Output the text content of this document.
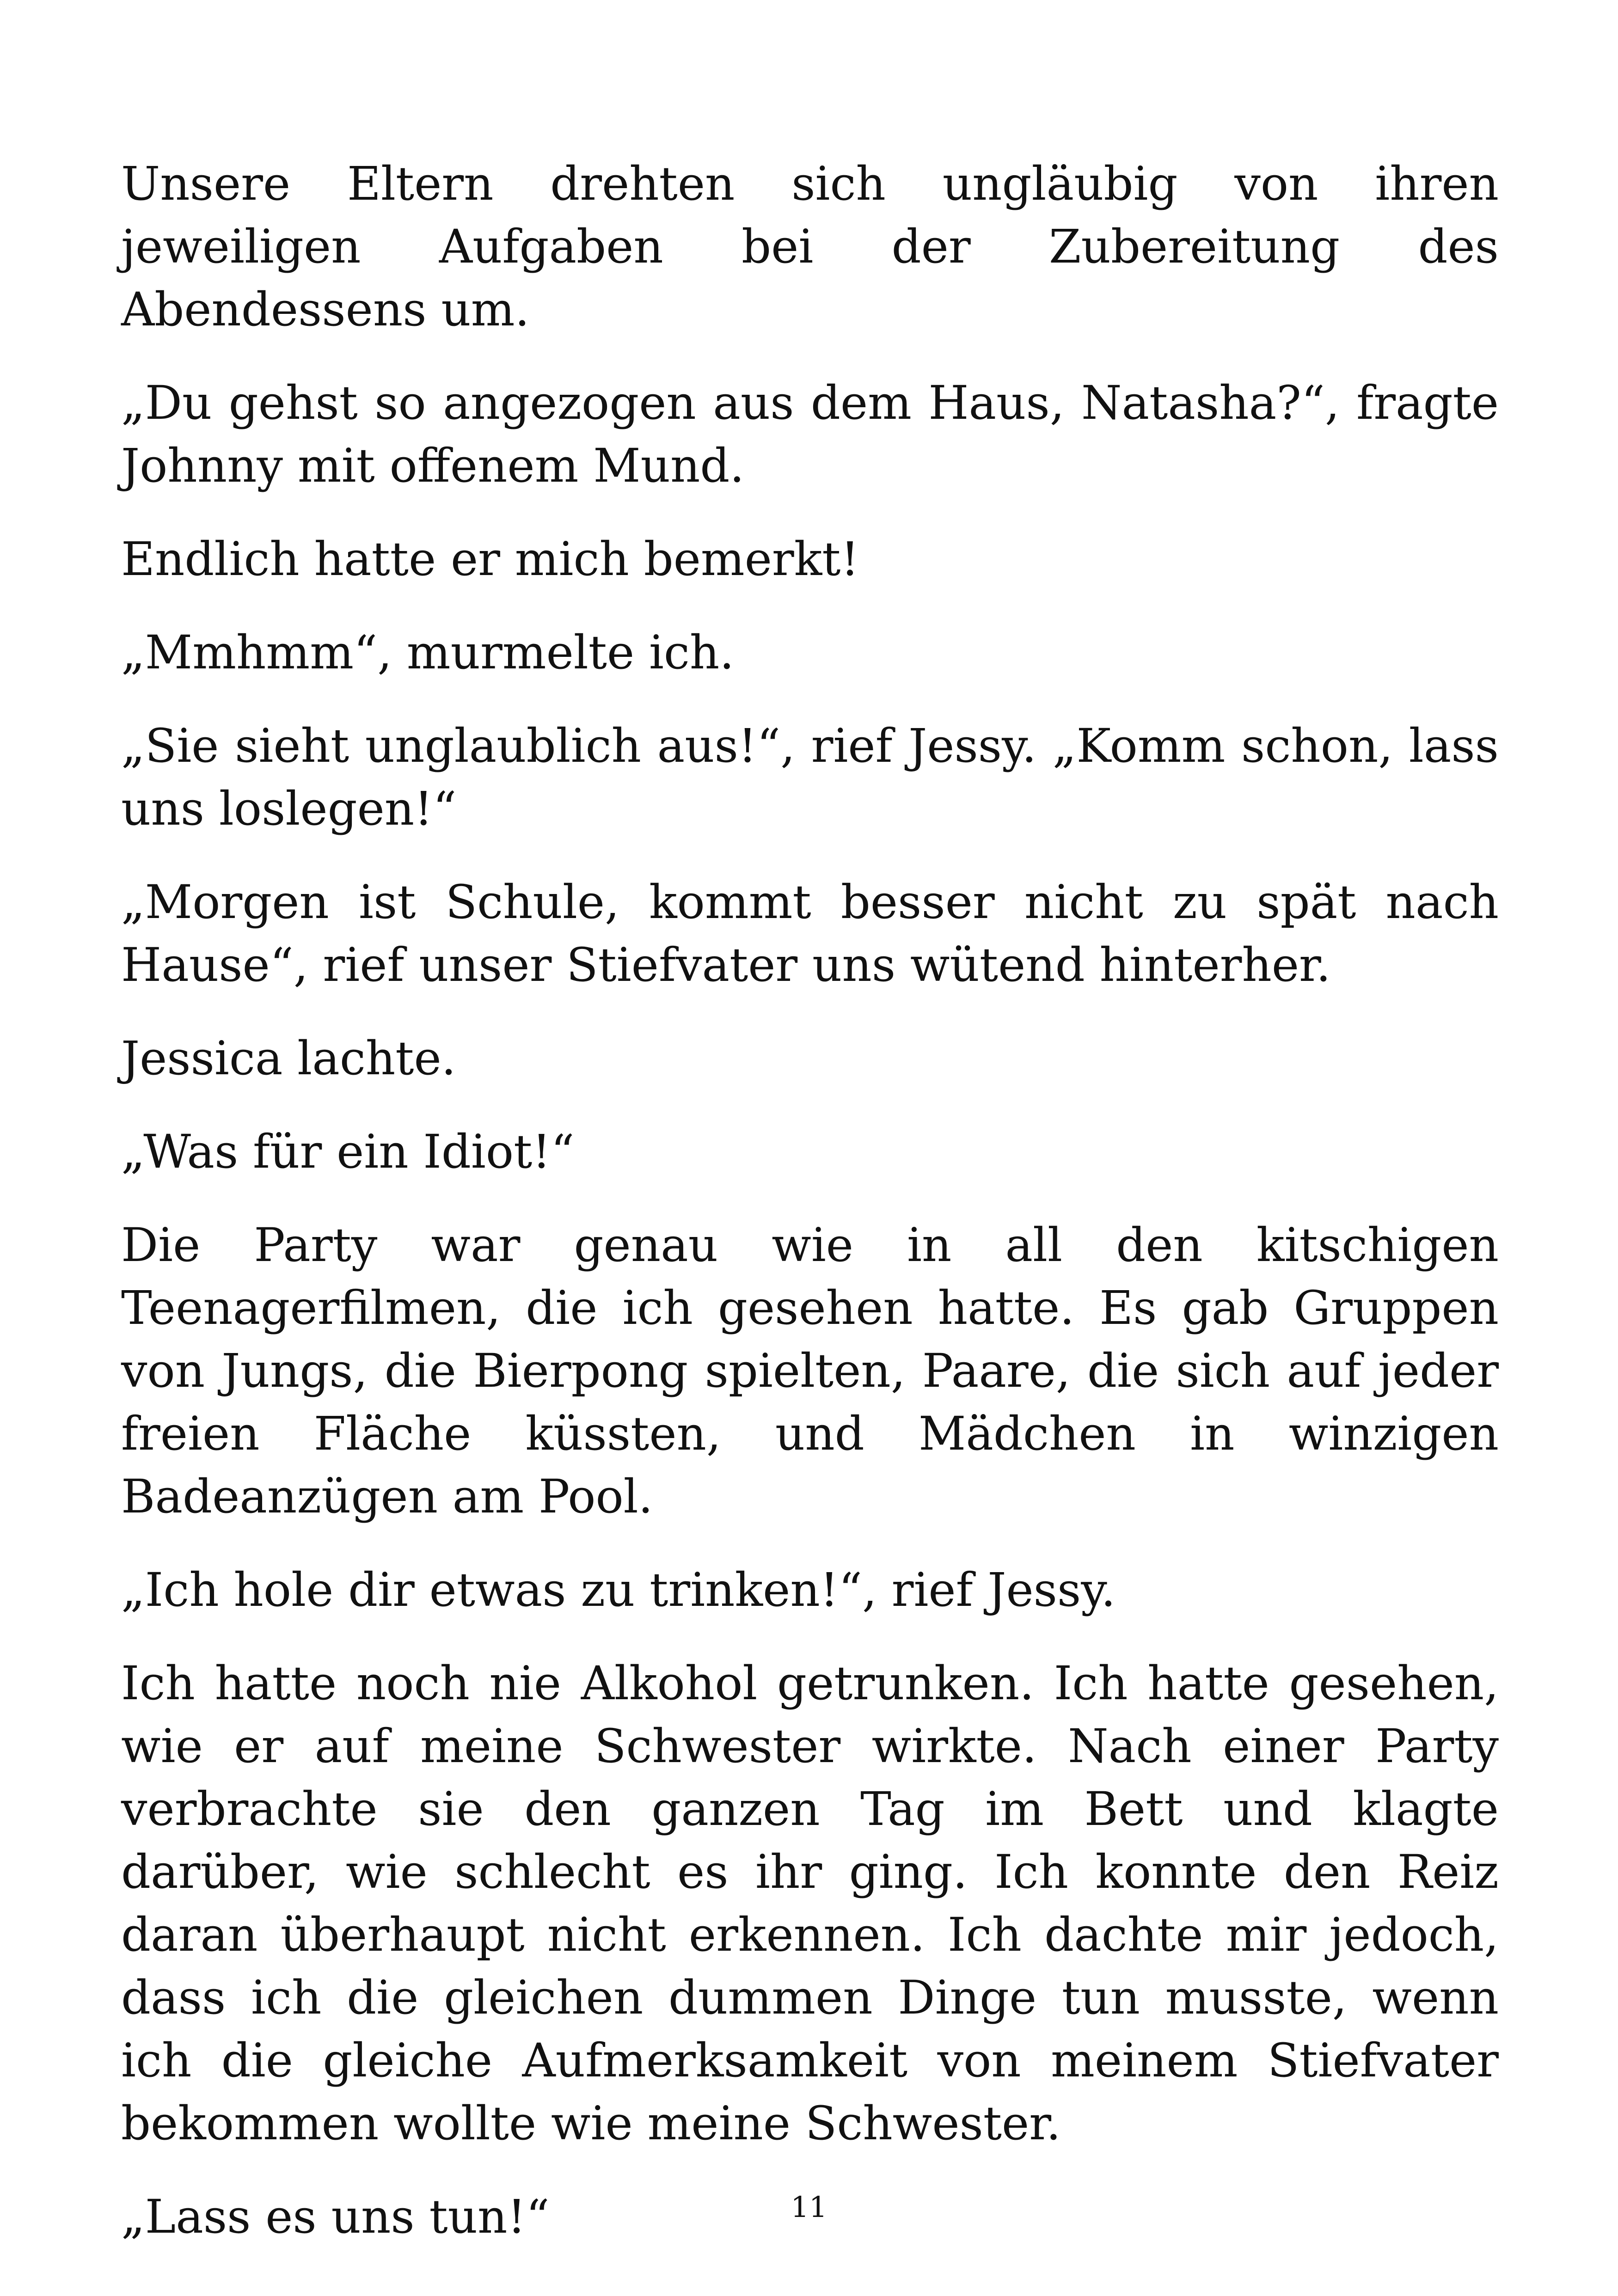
Unsere Eltern drehten sich ungläubig von ihren jeweiligen Aufgaben bei der Zubereitung des Abendessens um.

„Du gehst so angezogen aus dem Haus, Natasha?“, fragte Johnny mit offenem Mund.

Endlich hatte er mich bemerkt!

„Mmhmm“, murmelte ich.

„Sie sieht unglaublich aus!“, rief Jessy. „Komm schon, lass uns loslegen!“

„Morgen ist Schule, kommt besser nicht zu spät nach Hause“, rief unser Stiefvater uns wütend hinterher.

Jessica lachte.

„Was für ein Idiot!“

Die Party war genau wie in all den kitschigen Teenagerfilmen, die ich gesehen hatte. Es gab Gruppen von Jungs, die Bierpong spielten, Paare, die sich auf jeder freien Fläche küssten, und Mädchen in winzigen Badeanzügen am Pool.

„Ich hole dir etwas zu trinken!“, rief Jessy.

Ich hatte noch nie Alkohol getrunken. Ich hatte gesehen, wie er auf meine Schwester wirkte. Nach einer Party verbrachte sie den ganzen Tag im Bett und klagte darüber, wie schlecht es ihr ging. Ich konnte den Reiz daran überhaupt nicht erkennen. Ich dachte mir jedoch, dass ich die gleichen dummen Dinge tun musste, wenn ich die gleiche Aufmerksamkeit von meinem Stiefvater bekommen wollte wie meine Schwester.

„Lass es uns tun!“	11
